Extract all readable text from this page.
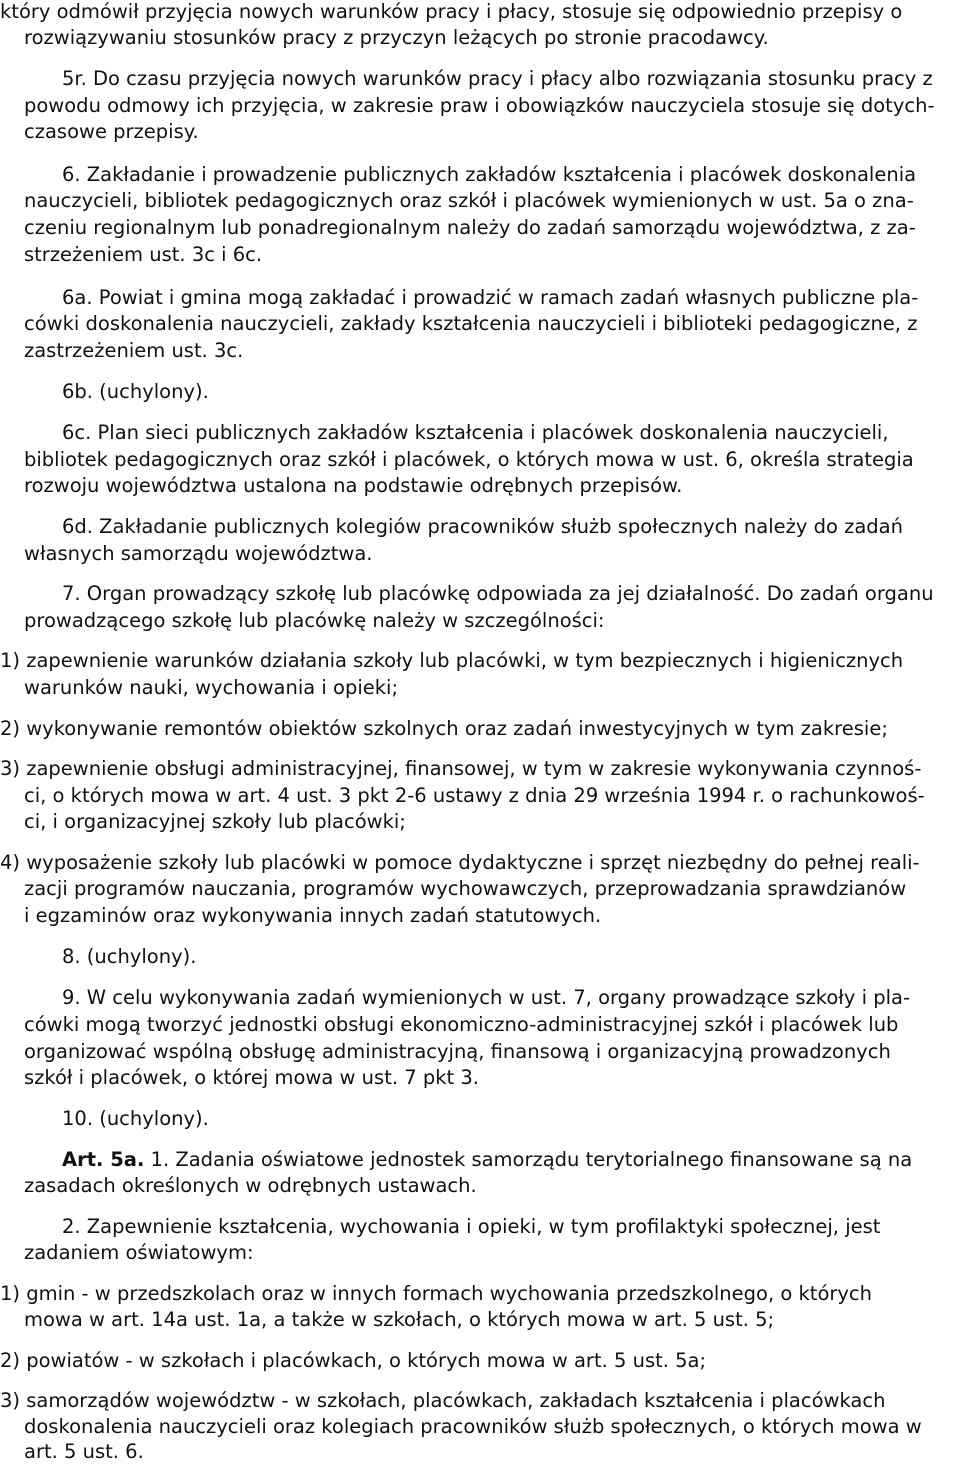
który odmówił przyjęcia nowych warunków pracy i płacy, stosuje się odpowiednio przepisy o
rozwiązywaniu stosunków pracy z przyczyn leżących po stronie pracodawcy.
5r. Do czasu przyjęcia nowych warunków pracy i płacy albo rozwiązania stosunku pracy z
powodu odmowy ich przyjęcia, w zakresie praw i obowiązków nauczyciela stosuje się dotych-
czasowe przepisy.
6. Zakładanie i prowadzenie publicznych zakładów kształcenia i placówek doskonalenia
nauczycieli, bibliotek pedagogicznych oraz szkół i placówek wymienionych w ust. 5a o zna-
czeniu regionalnym lub ponadregionalnym należy do zadań samorządu województwa, z za-
strzeżeniem ust. 3c i 6c.
6a. Powiat i gmina mogą zakładać i prowadzić w ramach zadań własnych publiczne pla-
cówki doskonalenia nauczycieli, zakłady kształcenia nauczycieli i biblioteki pedagogiczne, z
zastrzeżeniem ust. 3c.
6b. (uchylony).
6c. Plan sieci publicznych zakładów kształcenia i placówek doskonalenia nauczycieli,
bibliotek pedagogicznych oraz szkół i placówek, o których mowa w ust. 6, określa strategia
rozwoju województwa ustalona na podstawie odrębnych przepisów.
6d. Zakładanie publicznych kolegiów pracowników służb społecznych należy do zadań
własnych samorządu województwa.
7. Organ prowadzący szkołę lub placówkę odpowiada za jej działalność. Do zadań organu
prowadzącego szkołę lub placówkę należy w szczególności:
1) zapewnienie warunków działania szkoły lub placówki, w tym bezpiecznych i higienicznych
warunków nauki, wychowania i opieki;
2) wykonywanie remontów obiektów szkolnych oraz zadań inwestycyjnych w tym zakresie;
3) zapewnienie obsługi administracyjnej, finansowej, w tym w zakresie wykonywania czynnoś-
ci, o których mowa w art. 4 ust. 3 pkt 2-6 ustawy z dnia 29 września 1994 r. o rachunkowoś-
ci, i organizacyjnej szkoły lub placówki;
4) wyposażenie szkoły lub placówki w pomoce dydaktyczne i sprzęt niezbędny do pełnej reali-
zacji programów nauczania, programów wychowawczych, przeprowadzania sprawdzianów
i egzaminów oraz wykonywania innych zadań statutowych.
8. (uchylony).
9. W celu wykonywania zadań wymienionych w ust. 7, organy prowadzące szkoły i pla-
cówki mogą tworzyć jednostki obsługi ekonomiczno-administracyjnej szkół i placówek lub
organizować wspólną obsługę administracyjną, finansową i organizacyjną prowadzonych
szkół i placówek, o której mowa w ust. 7 pkt 3.
10. (uchylony).
Art. 5a. 1. Zadania oświatowe jednostek samorządu terytorialnego finansowane są na
zasadach określonych w odrębnych ustawach.
2. Zapewnienie kształcenia, wychowania i opieki, w tym profilaktyki społecznej, jest
zadaniem oświatowym:
1) gmin - w przedszkolach oraz w innych formach wychowania przedszkolnego, o których
mowa w art. 14a ust. 1a, a także w szkołach, o których mowa w art. 5 ust. 5;
2) powiatów - w szkołach i placówkach, o których mowa w art. 5 ust. 5a;
3) samorządów województw - w szkołach, placówkach, zakładach kształcenia i placówkach
doskonalenia nauczycieli oraz kolegiach pracowników służb społecznych, o których mowa w
art. 5 ust. 6.
